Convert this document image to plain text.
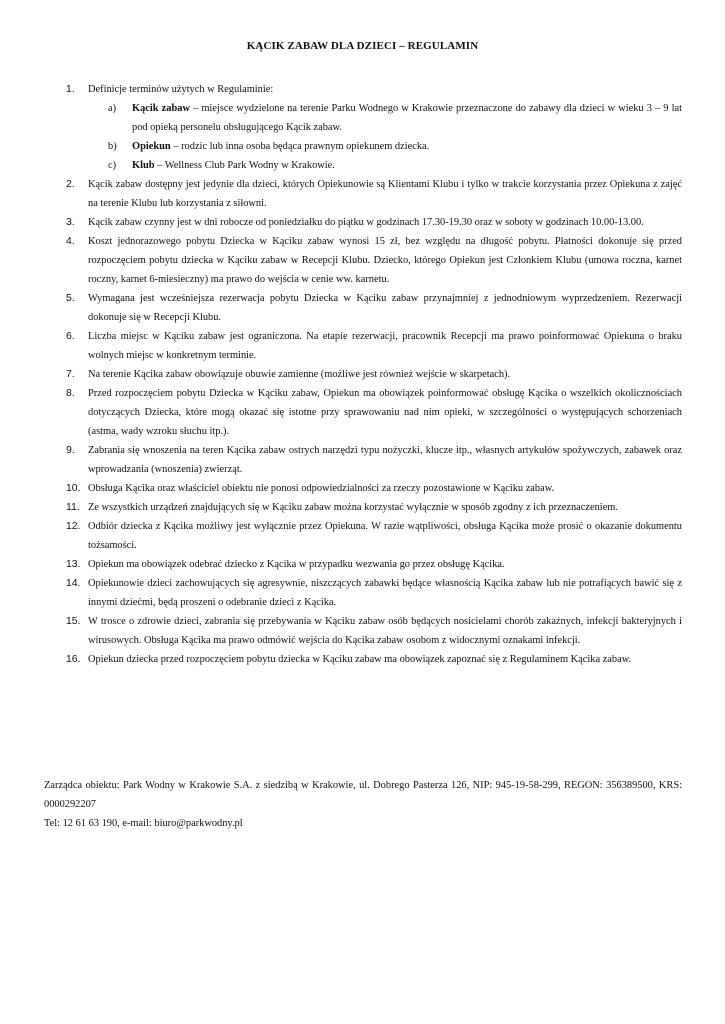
KĄCIK ZABAW DLA DZIECI – REGULAMIN
1. Definicje terminów użytych w Regulaminie:
a) Kącik zabaw – miejsce wydzielone na terenie Parku Wodnego w Krakowie przeznaczone do zabawy dla dzieci w wieku 3 – 9 lat pod opieką personelu obsługującego Kącik zabaw.
b) Opiekun – rodzic lub inna osoba będąca prawnym opiekunem dziecka.
c) Klub – Wellness Club Park Wodny w Krakowie.
2. Kącik zabaw dostępny jest jedynie dla dzieci, których Opiekunowie są Klientami Klubu i tylko w trakcie korzystania przez Opiekuna z zajęć na terenie Klubu lub korzystania z siłowni.
3. Kącik zabaw czynny jest w dni robocze od poniedziałku do piątku w godzinach 17.30-19.30 oraz w soboty w godzinach 10.00-13.00.
4. Koszt jednorazowego pobytu Dziecka w Kąciku zabaw wynosi 15 zł, bez względu na długość pobytu. Płatności dokonuje się przed rozpoczęciem pobytu dziecka w Kąciku zabaw w Recepcji Klubu. Dziecko, którego Opiekun jest Członkiem Klubu (umowa roczna, karnet roczny, karnet 6-miesieczny) ma prawo do wejścia w cenie ww. karnetu.
5. Wymagana jest wcześniejsza rezerwacja pobytu Dziecka w Kąciku zabaw przynajmniej z jednodniowym wyprzedzeniem. Rezerwacji dokonuje się w Recepcji Klubu.
6. Liczba miejsc w Kąciku zabaw jest ograniczona. Na etapie rezerwacji, pracownik Recepcji ma prawo poinformować Opiekuna o braku wolnych miejsc w konkretnym terminie.
7. Na terenie Kącika zabaw obowiązuje obuwie zamienne (możliwe jest również wejście w skarpetach).
8. Przed rozpoczęciem pobytu Dziecka w Kąciku zabaw, Opiekun ma obowiązek poinformować obsługę Kącika o wszelkich okolicznościach dotyczących Dziecka, które mogą okazać się istotne przy sprawowaniu nad nim opieki, w szczególności o występujących schorzeniach (astma, wady wzroku słuchu itp.).
9. Zabrania się wnoszenia na teren Kącika zabaw ostrych narzędzi typu nożyczki, klucze itp., własnych artykułów spożywczych, zabawek oraz wprowadzania (wnoszenia) zwierząt.
10. Obsługa Kącika oraz właściciel obiektu nie ponosi odpowiedzialności za rzeczy pozostawione w Kąciku zabaw.
11. Ze wszystkich urządzeń znajdujących się w Kąciku zabaw można korzystać wyłącznie w sposób zgodny z ich przeznaczeniem.
12. Odbiór dziecka z Kącika możliwy jest wyłącznie przez Opiekuna. W razie wątpliwości, obsługa Kącika może prosić o okazanie dokumentu tożsamości.
13. Opiekun ma obowiązek odebrać dziecko z Kącika w przypadku wezwania go przez obsługę Kącika.
14. Opiekunowie dzieci zachowujących się agresywnie, niszczących zabawki będące własnością Kącika zabaw lub nie potrafiących bawić się z innymi dziećmi, będą proszeni o odebranie dzieci z Kącika.
15. W trosce o zdrowie dzieci, zabrania się przebywania w Kąciku zabaw osób będących nosicielami chorób zakaźnych, infekcji bakteryjnych i wirusowych. Obsługa Kącika ma prawo odmówić wejścia do Kącika zabaw osobom z widocznymi oznakami infekcji.
16. Opiekun dziecka przed rozpoczęciem pobytu dziecka w Kąciku zabaw ma obowiązek zapoznać się z Regulaminem Kącika zabaw.
Zarządca obiektu: Park Wodny w Krakowie S.A. z siedzibą w Krakowie, ul. Dobrego Pasterza 126, NIP: 945-19-58-299, REGON: 356389500, KRS: 0000292207
Tel: 12 61 63 190, e-mail: biuro@parkwodny.pl
